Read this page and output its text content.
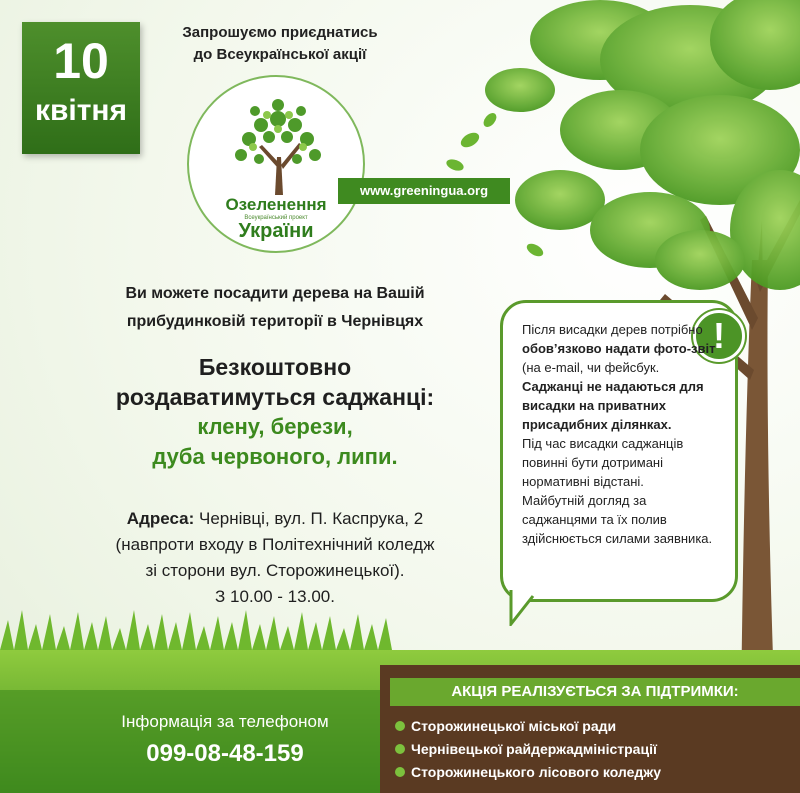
10
квітня
Запрошуємо приєднатись
до Всеукраїнської акції
Озеленення
Всеукраїнський проект
України
www.greeningua.org
Ви можете посадити дерева на Вашій
прибудинковій території в Чернівцях
Безкоштовно
роздаватимуться саджанці:
клену, берези,
дуба червоного, липи.
Адреса: Чернівці, вул. П. Каспрука, 2
(навпроти входу в Політехнічний коледж
зі сторони вул. Сторожинецької).
З 10.00 - 13.00.
!
Після висадки дерев потрібно обов’язково надати фото-звіт
(на e-mail, чи фейсбук.
Саджанці не надаються для висадки на приватних присадибних ділянках.
Під час висадки саджанців повинні бути дотримані нормативні відстані.
Майбутній догляд за саджанцями та їх полив здійснюється силами заявника.
Інформація за телефоном
099-08-48-159
АКЦІЯ РЕАЛІЗУЄТЬСЯ ЗА ПІДТРИМКИ:
Сторожинецької міської ради
Чернівецької райдержадміністрації
Сторожинецького лісового коледжу
